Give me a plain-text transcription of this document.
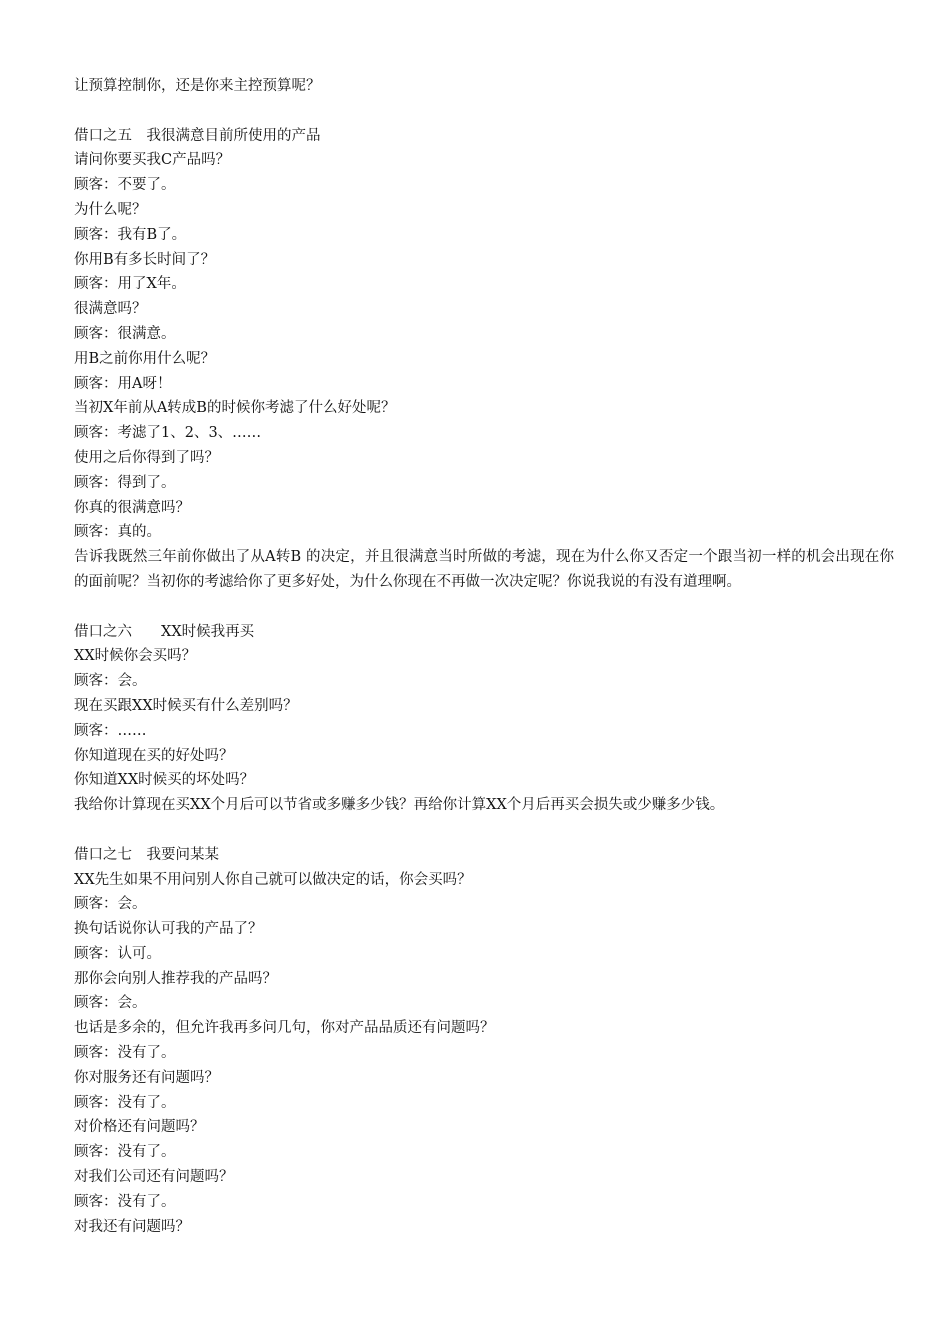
让预算控制你，还是你来主控预算呢？
借口之五　我很满意目前所使用的产品
请问你要买我C产品吗？
顾客：不要了。
为什么呢？
顾客：我有B了。
你用B有多长时间了？
顾客：用了X年。
很满意吗？
顾客：很满意。
用B之前你用什么呢？
顾客：用A呀！
当初X年前从A转成B的时候你考滤了什么好处呢？
顾客：考滤了1、2、3、……
使用之后你得到了吗？
顾客：得到了。
你真的很满意吗？
顾客：真的。
告诉我既然三年前你做出了从A转B 的决定，并且很满意当时所做的考滤，现在为什么你又否定一个跟当初一样的机会出现在你的面前呢？当初你的考滤给你了更多好处，为什么你现在不再做一次决定呢？你说我说的有没有道理啊。
借口之六　　XX时候我再买
XX时候你会买吗？
顾客：会。
现在买跟XX时候买有什么差别吗？
顾客：……
你知道现在买的好处吗？
你知道XX时候买的坏处吗？
我给你计算现在买XX个月后可以节省或多赚多少钱？再给你计算XX个月后再买会损失或少赚多少钱。
借口之七　我要问某某
XX先生如果不用问别人你自己就可以做决定的话，你会买吗？
顾客：会。
换句话说你认可我的产品了？
顾客：认可。
那你会向别人推荐我的产品吗？
顾客：会。
也话是多余的，但允许我再多问几句，你对产品品质还有问题吗？
顾客：没有了。
你对服务还有问题吗？
顾客：没有了。
对价格还有问题吗？
顾客：没有了。
对我们公司还有问题吗？
顾客：没有了。
对我还有问题吗？
